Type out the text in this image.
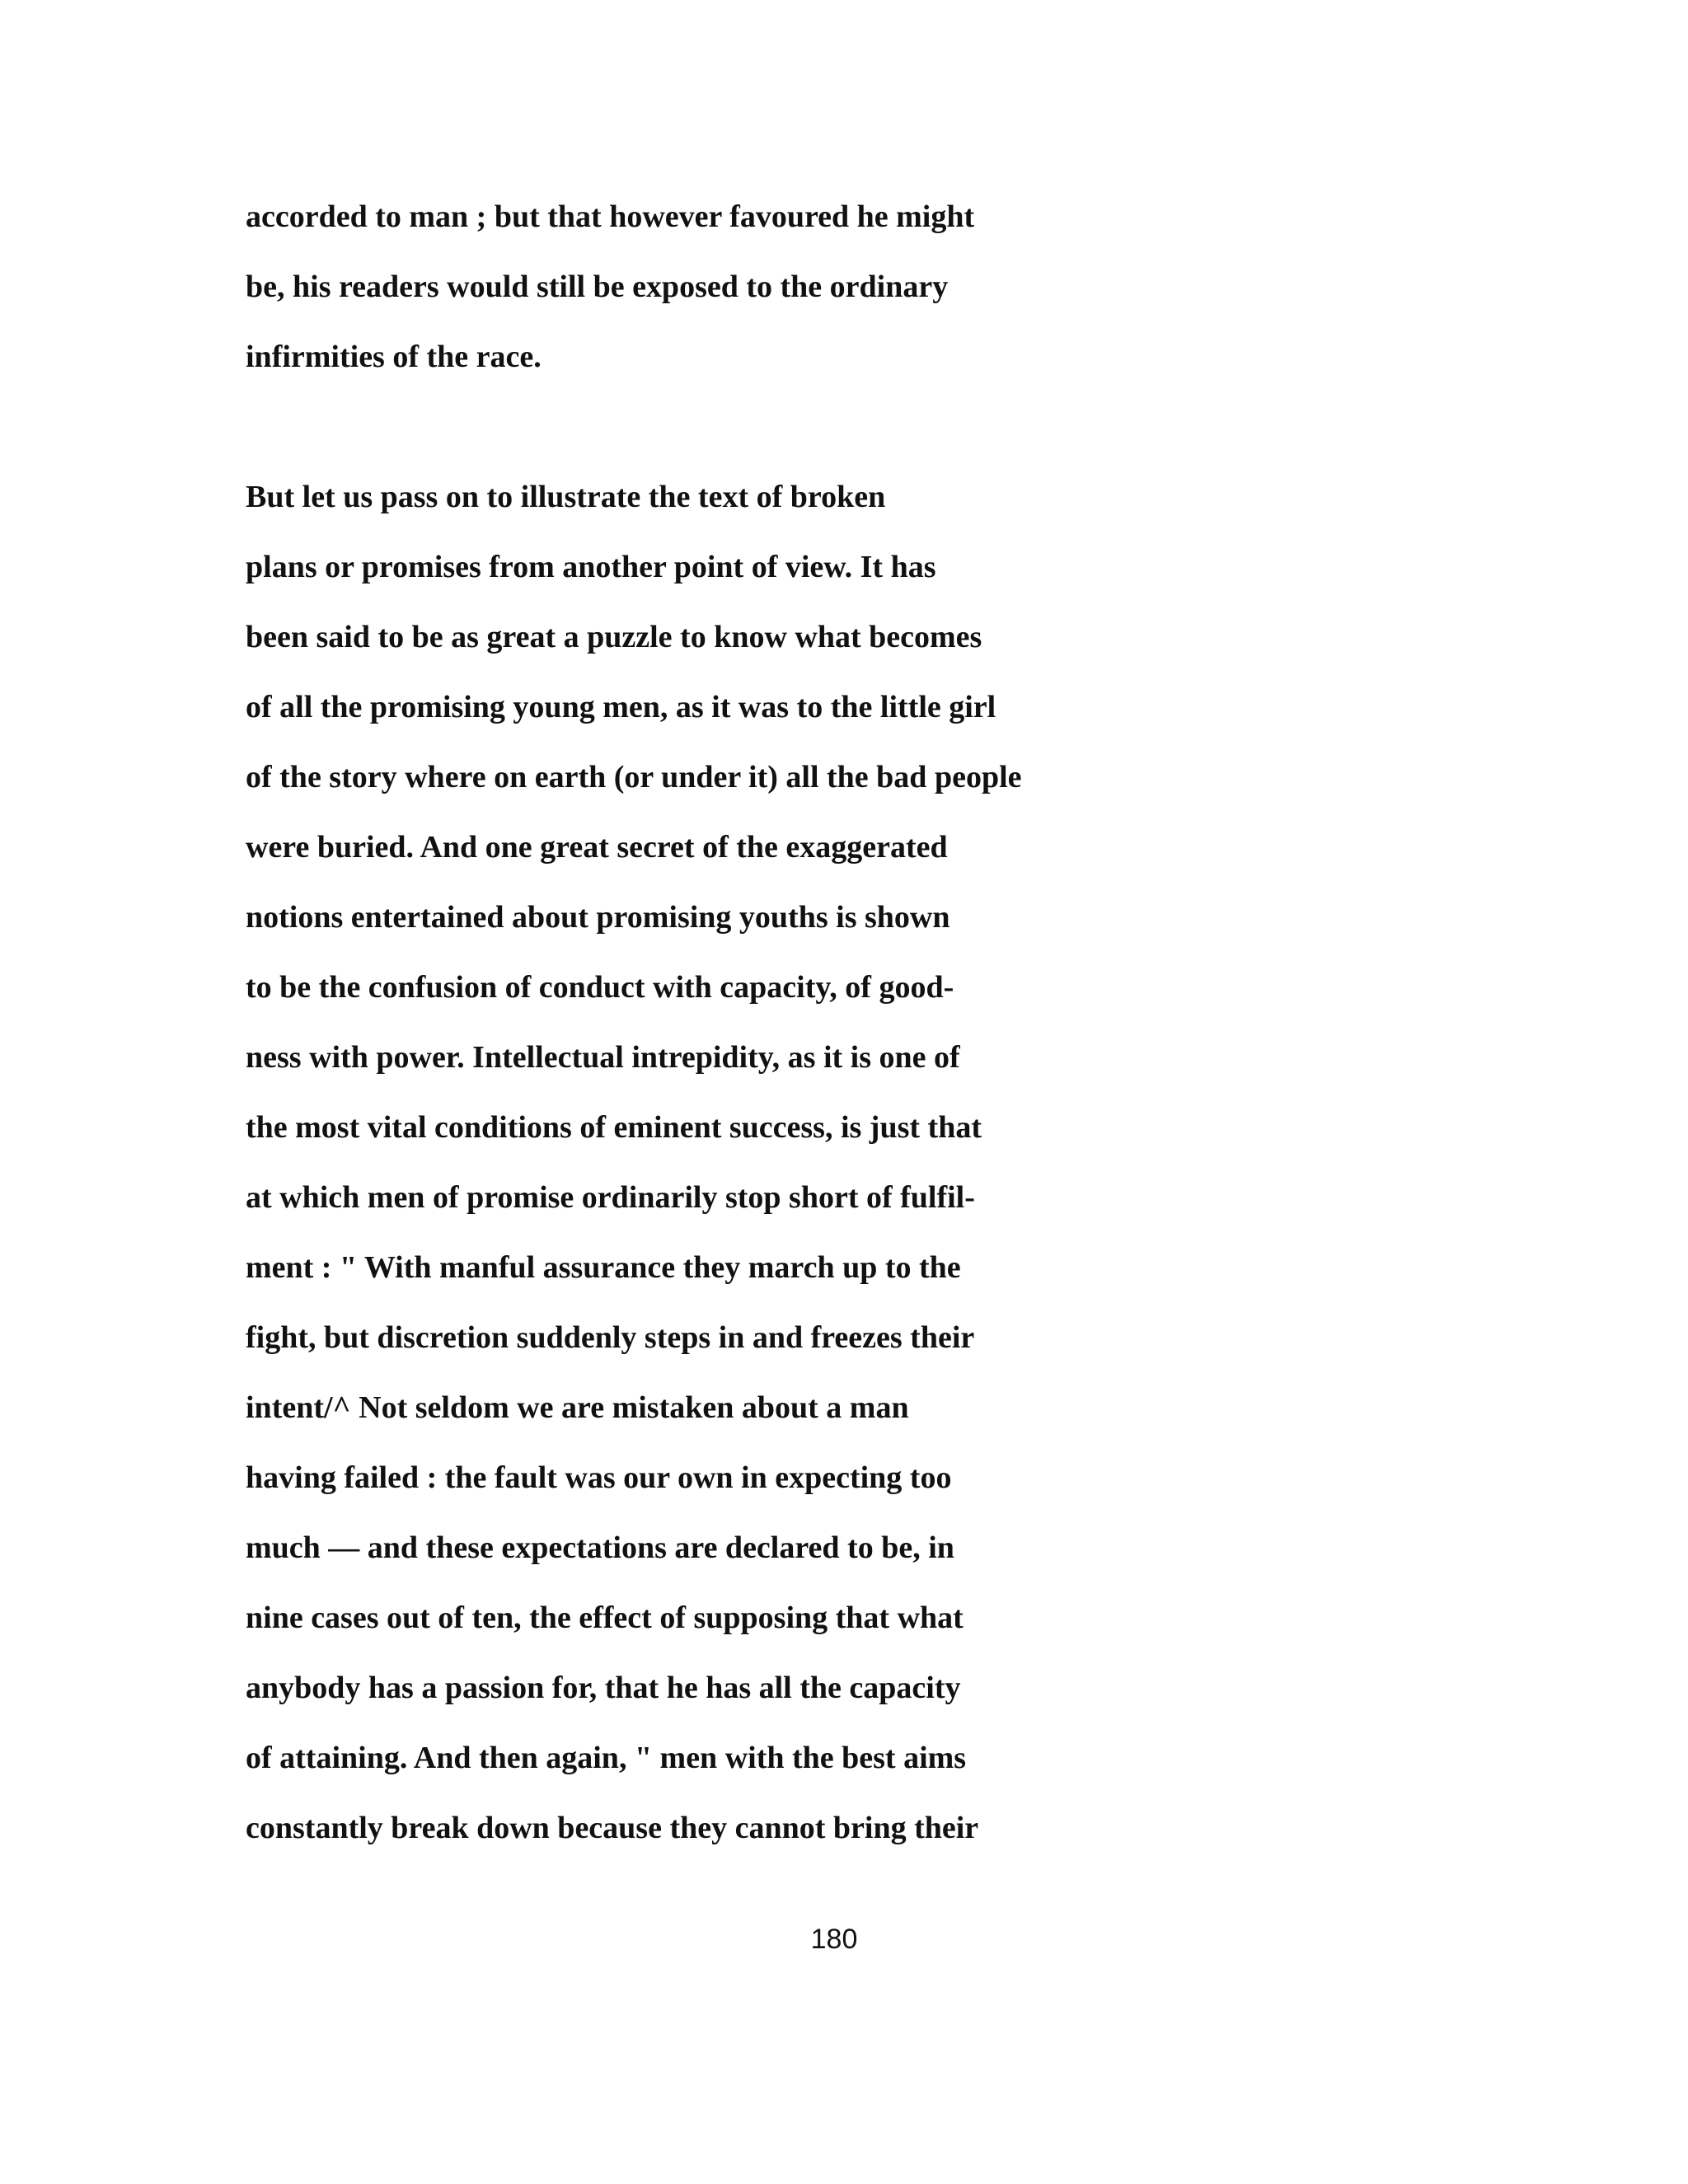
accorded to man ; but that however favoured he might
be, his readers would still be exposed to the ordinary
infirmities of the race.
But let us pass on to illustrate the text of broken
plans or promises from another point of view. It has
been said to be as great a puzzle to know what becomes
of all the promising young men, as it was to the little girl
of the story where on earth (or under it) all the bad people
were buried. And one great secret of the exaggerated
notions entertained about promising youths is shown
to be the confusion of conduct with capacity, of good-
ness with power. Intellectual intrepidity, as it is one of
the most vital conditions of eminent success, is just that
at which men of promise ordinarily stop short of fulfil-
ment : " With manful assurance they march up to the
fight, but discretion suddenly steps in and freezes their
intent/^ Not seldom we are mistaken about a man
having failed : the fault was our own in expecting too
much — and these expectations are declared to be, in
nine cases out of ten, the effect of supposing that what
anybody has a passion for, that he has all the capacity
of attaining. And then again, " men with the best aims
constantly break down because they cannot bring their
180
